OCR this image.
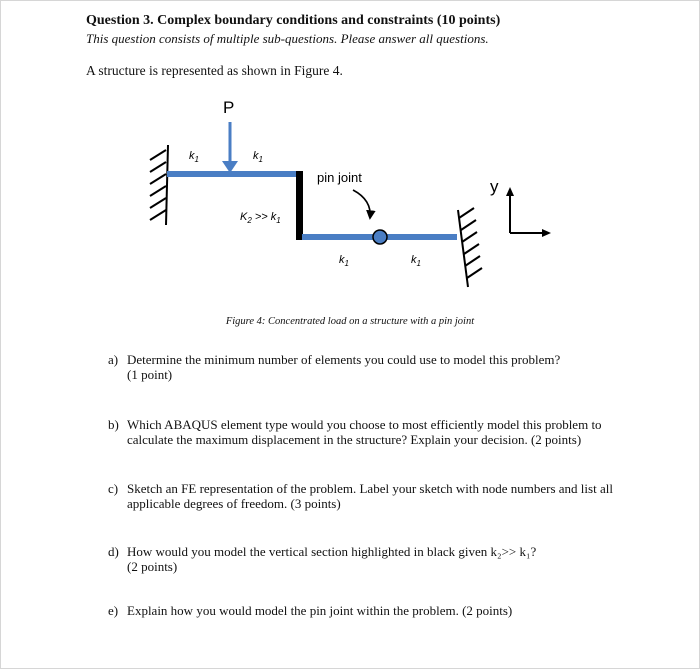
Question 3. Complex boundary conditions and constraints (10 points)
This question consists of multiple sub-questions. Please answer all questions.
A structure is represented as shown in Figure 4.
P
$k_1$	$k_1$
$k_1$	$k_1$
$K_2 >> k_1$
pin joint	y
Figure 4: Concentrated load on a structure with a pin joint
a) Determine the minimum number of elements you could use to model this problem?
(1 point)
b) Which ABAQUS element type would you choose to most efficiently model this problem to calculate the maximum displacement in the structure? Explain your decision. (2 points)
c) Sketch an FE representation of the problem. Label your sketch with node numbers and list all applicable degrees of freedom. (3 points)
d) How would you model the vertical section highlighted in black given k₂>> k₁?
(2 points)
e) Explain how you would model the pin joint within the problem. (2 points)
